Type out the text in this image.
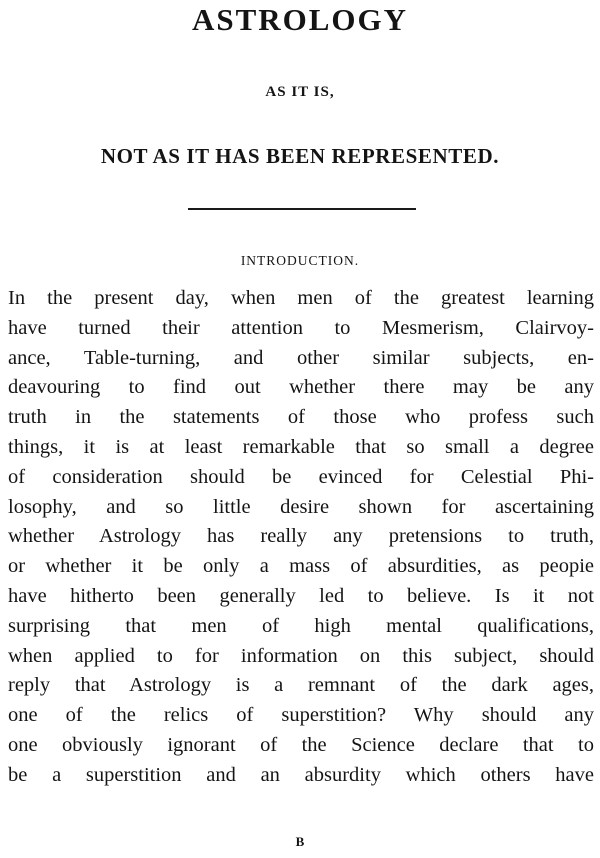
ASTROLOGY
AS IT IS,
NOT AS IT HAS BEEN REPRESENTED.
INTRODUCTION.
In the present day, when men of the greatest learning
have turned their attention to Mesmerism, Clairvoy-
ance, Table-turning, and other similar subjects, en-
deavouring to find out whether there may be any
truth in the statements of those who profess such
things, it is at least remarkable that so small a degree
of consideration should be evinced for Celestial Phi-
losophy, and so little desire shown for ascertaining
whether Astrology has really any pretensions to truth,
or whether it be only a mass of absurdities, as peopie
have hitherto been generally led to believe. Is it not
surprising that men of high mental qualifications,
when applied to for information on this subject, should
reply that Astrology is a remnant of the dark ages,
one of the relics of superstition? Why should any
one obviously ignorant of the Science declare that to
be a superstition and an absurdity which others have
B
